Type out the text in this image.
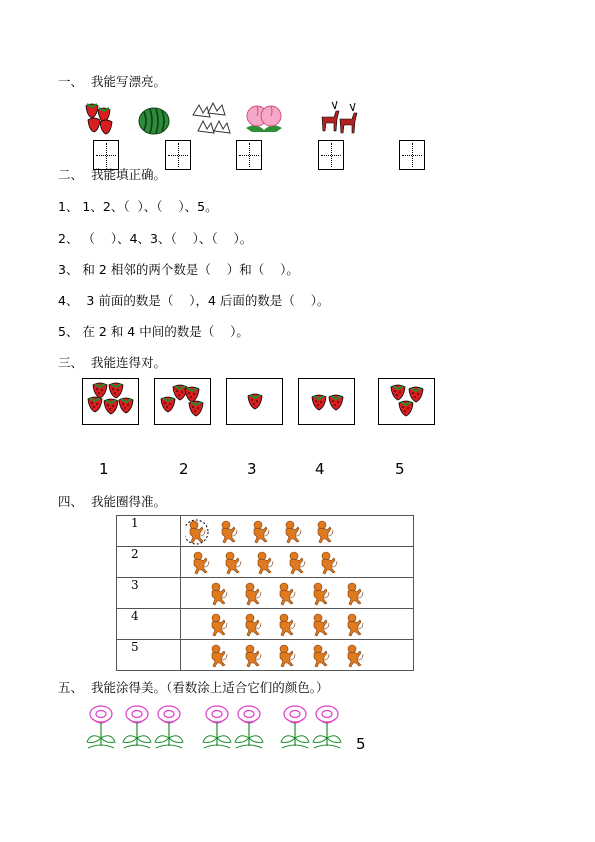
一、  我能写漂亮。
二、  我能填正确。
1、 1、2、（  ）、（    ）、5。
2、 （    ）、4、3、（    ）、（    ）。
3、 和 2 相邻的两个数是（    ）和（    ）。
4、  3 前面的数是（    ），4 后面的数是（    ）。
5、 在 2 和 4 中间的数是（    ）。
三、  我能连得对。
1	2	3	4	5
四、  我能圈得准。
1	

2	

3	

4	

5	
五、  我能涂得美。（看数涂上适合它们的颜色。）
5
